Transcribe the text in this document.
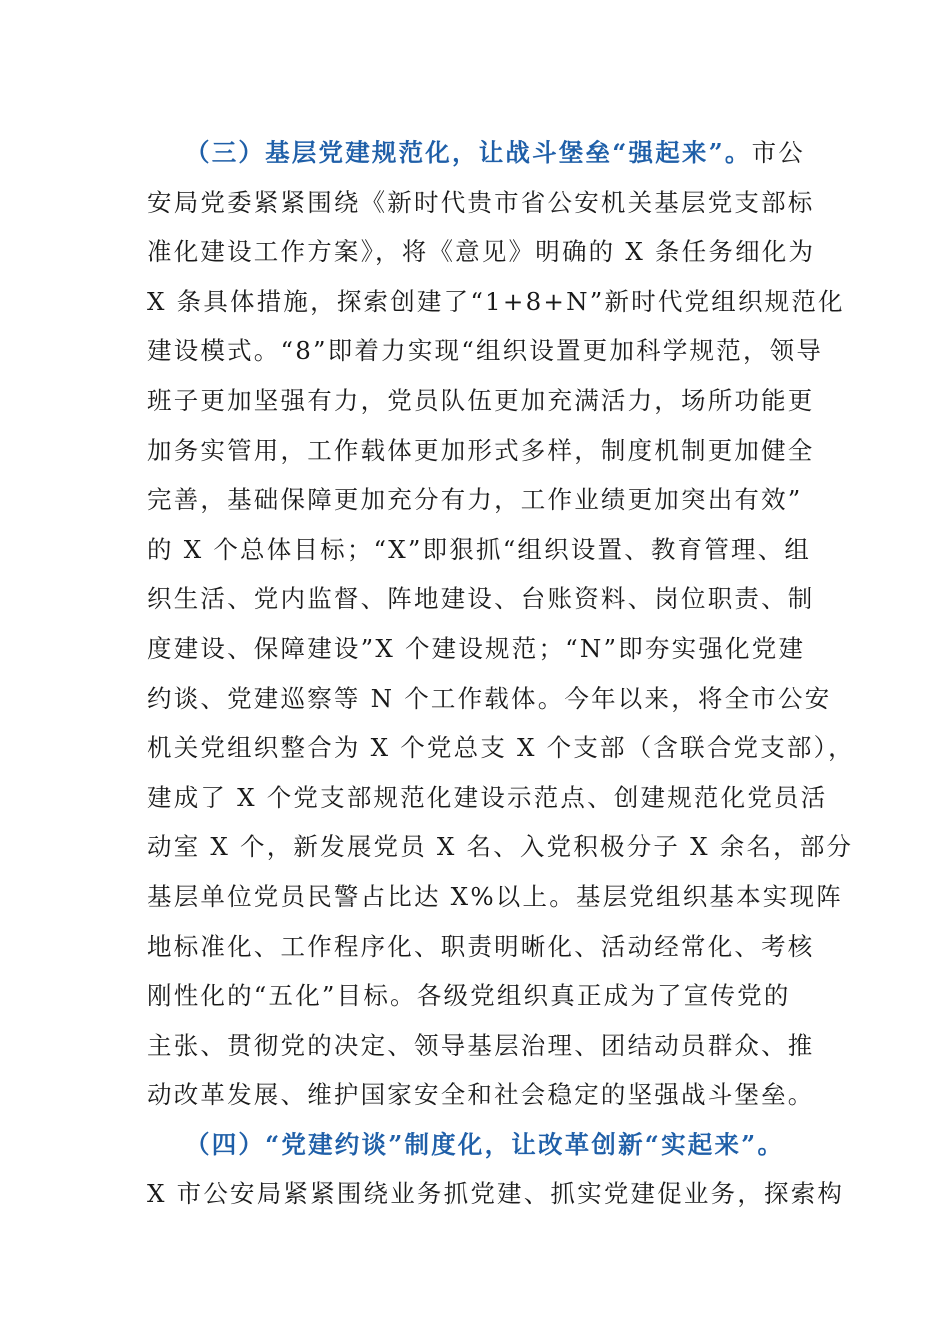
（三）基层党建规范化，让战斗堡垒“强起来”。市公
安局党委紧紧围绕《新时代贵市省公安机关基层党支部标
准化建设工作方案》，将《意见》明确的 X 条任务细化为
X 条具体措施，探索创建了“1+8+N”新时代党组织规范化
建设模式。“8”即着力实现“组织设置更加科学规范，领导
班子更加坚强有力，党员队伍更加充满活力，场所功能更
加务实管用，工作载体更加形式多样，制度机制更加健全
完善，基础保障更加充分有力，工作业绩更加突出有效”
的 X 个总体目标；“X”即狠抓“组织设置、教育管理、组
织生活、党内监督、阵地建设、台账资料、岗位职责、制
度建设、保障建设”X 个建设规范；“N”即夯实强化党建
约谈、党建巡察等 N 个工作载体。今年以来，将全市公安
机关党组织整合为 X 个党总支 X 个支部（含联合党支部），
建成了 X 个党支部规范化建设示范点、创建规范化党员活
动室 X 个，新发展党员 X 名、入党积极分子 X 余名，部分
基层单位党员民警占比达 X%以上。基层党组织基本实现阵
地标准化、工作程序化、职责明晰化、活动经常化、考核
刚性化的“五化”目标。各级党组织真正成为了宣传党的
主张、贯彻党的决定、领导基层治理、团结动员群众、推
动改革发展、维护国家安全和社会稳定的坚强战斗堡垒。
（四）“党建约谈”制度化，让改革创新“实起来”。
X 市公安局紧紧围绕业务抓党建、抓实党建促业务，探索构
